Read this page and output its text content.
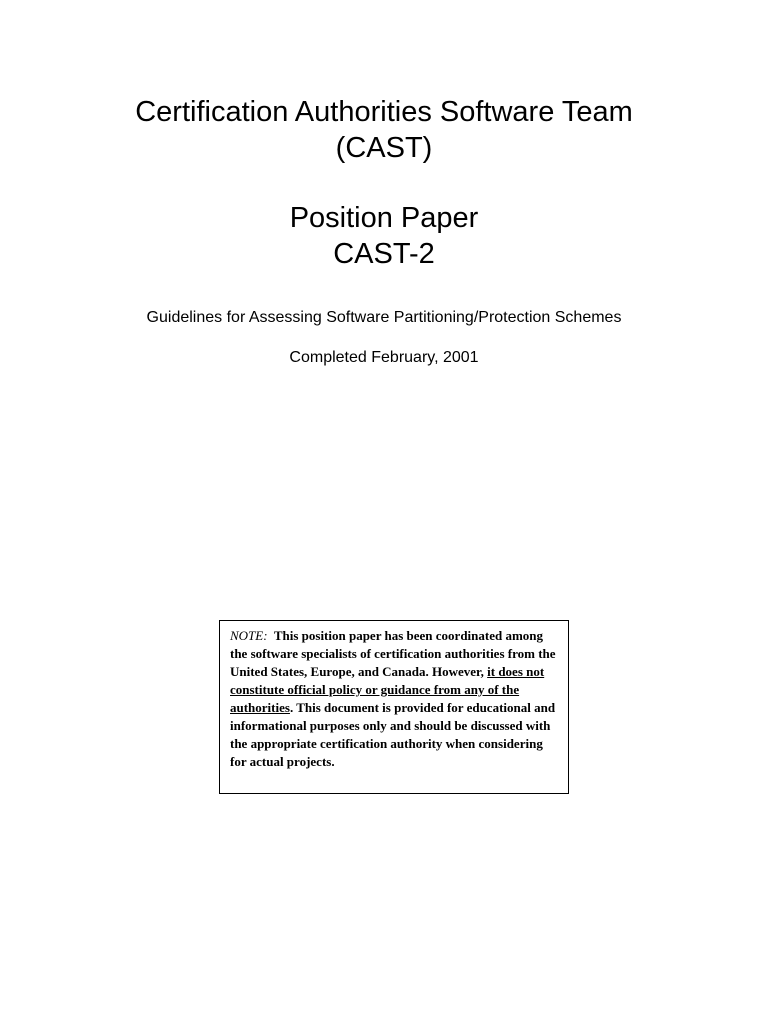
Certification Authorities Software Team
(CAST)
Position Paper
CAST-2

Guidelines for Assessing Software Partitioning/Protection Schemes

Completed February, 2001

NOTE: This position paper has been coordinated among the software specialists of certification authorities from the United States, Europe, and Canada. However, it does not constitute official policy or guidance from any of the authorities. This document is provided for educational and informational purposes only and should be discussed with the appropriate certification authority when considering for actual projects.
